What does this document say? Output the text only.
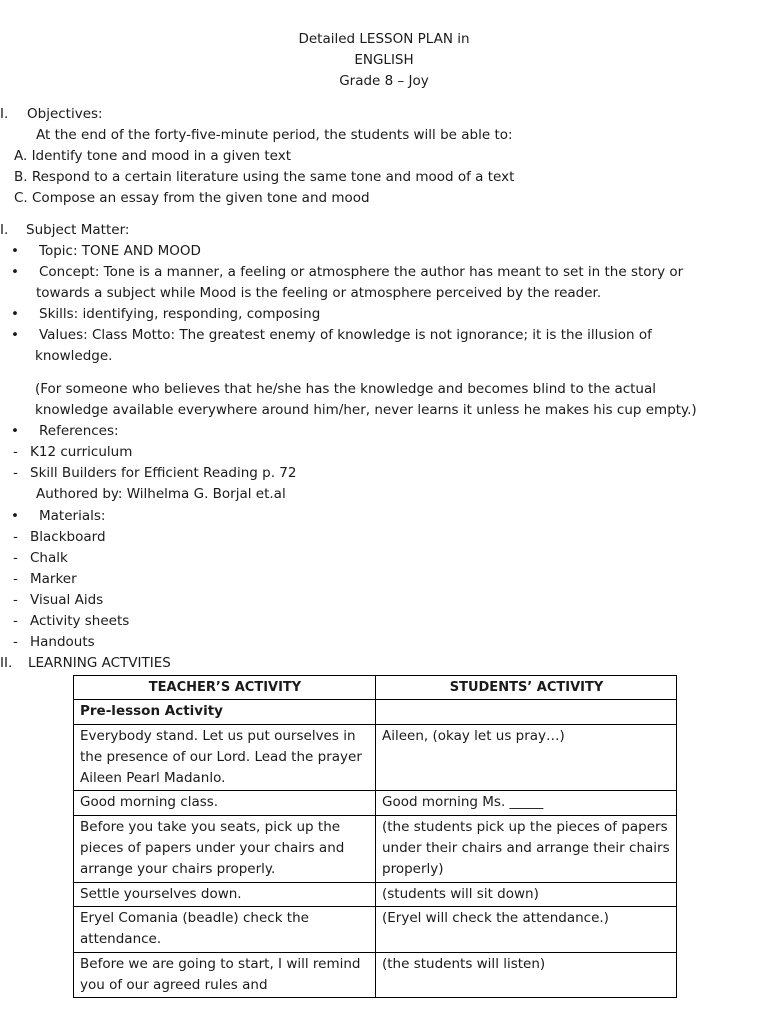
Detailed LESSON PLAN in
ENGLISH
Grade 8 – Joy
I. Objectives:
At the end of the forty-five-minute period, the students will be able to:
A. Identify tone and mood in a given text
B. Respond to a certain literature using the same tone and mood of a text
C. Compose an essay from the given tone and mood
I. Subject Matter:
• Topic: TONE AND MOOD
• Concept: Tone is a manner, a feeling or atmosphere the author has meant to set in the story or
towards a subject while Mood is the feeling or atmosphere perceived by the reader.
• Skills: identifying, responding, composing
• Values: Class Motto: The greatest enemy of knowledge is not ignorance; it is the illusion of
knowledge.
(For someone who believes that he/she has the knowledge and becomes blind to the actual
knowledge available everywhere around him/her, never learns it unless he makes his cup empty.)
• References:
- K12 curriculum
- Skill Builders for Efficient Reading p. 72
Authored by: Wilhelma G. Borjal et.al
• Materials:
- Blackboard
- Chalk
- Marker
- Visual Aids
- Activity sheets
- Handouts
II. LEARNING ACTVITIES
TEACHER’S ACTIVITY	STUDENTS’ ACTIVITY
Pre-lesson Activity	
Everybody stand. Let us put ourselves in the presence of our Lord. Lead the prayer Aileen Pearl Madanlo.	Aileen, (okay let us pray…)
Good morning class.	Good morning Ms. _____
Before you take you seats, pick up the pieces of papers under your chairs and arrange your chairs properly.	(the students pick up the pieces of papers under their chairs and arrange their chairs properly)
Settle yourselves down.	(students will sit down)
Eryel Comania (beadle) check the attendance.	(Eryel will check the attendance.)
Before we are going to start, I will remind you of our agreed rules and	(the students will listen)
